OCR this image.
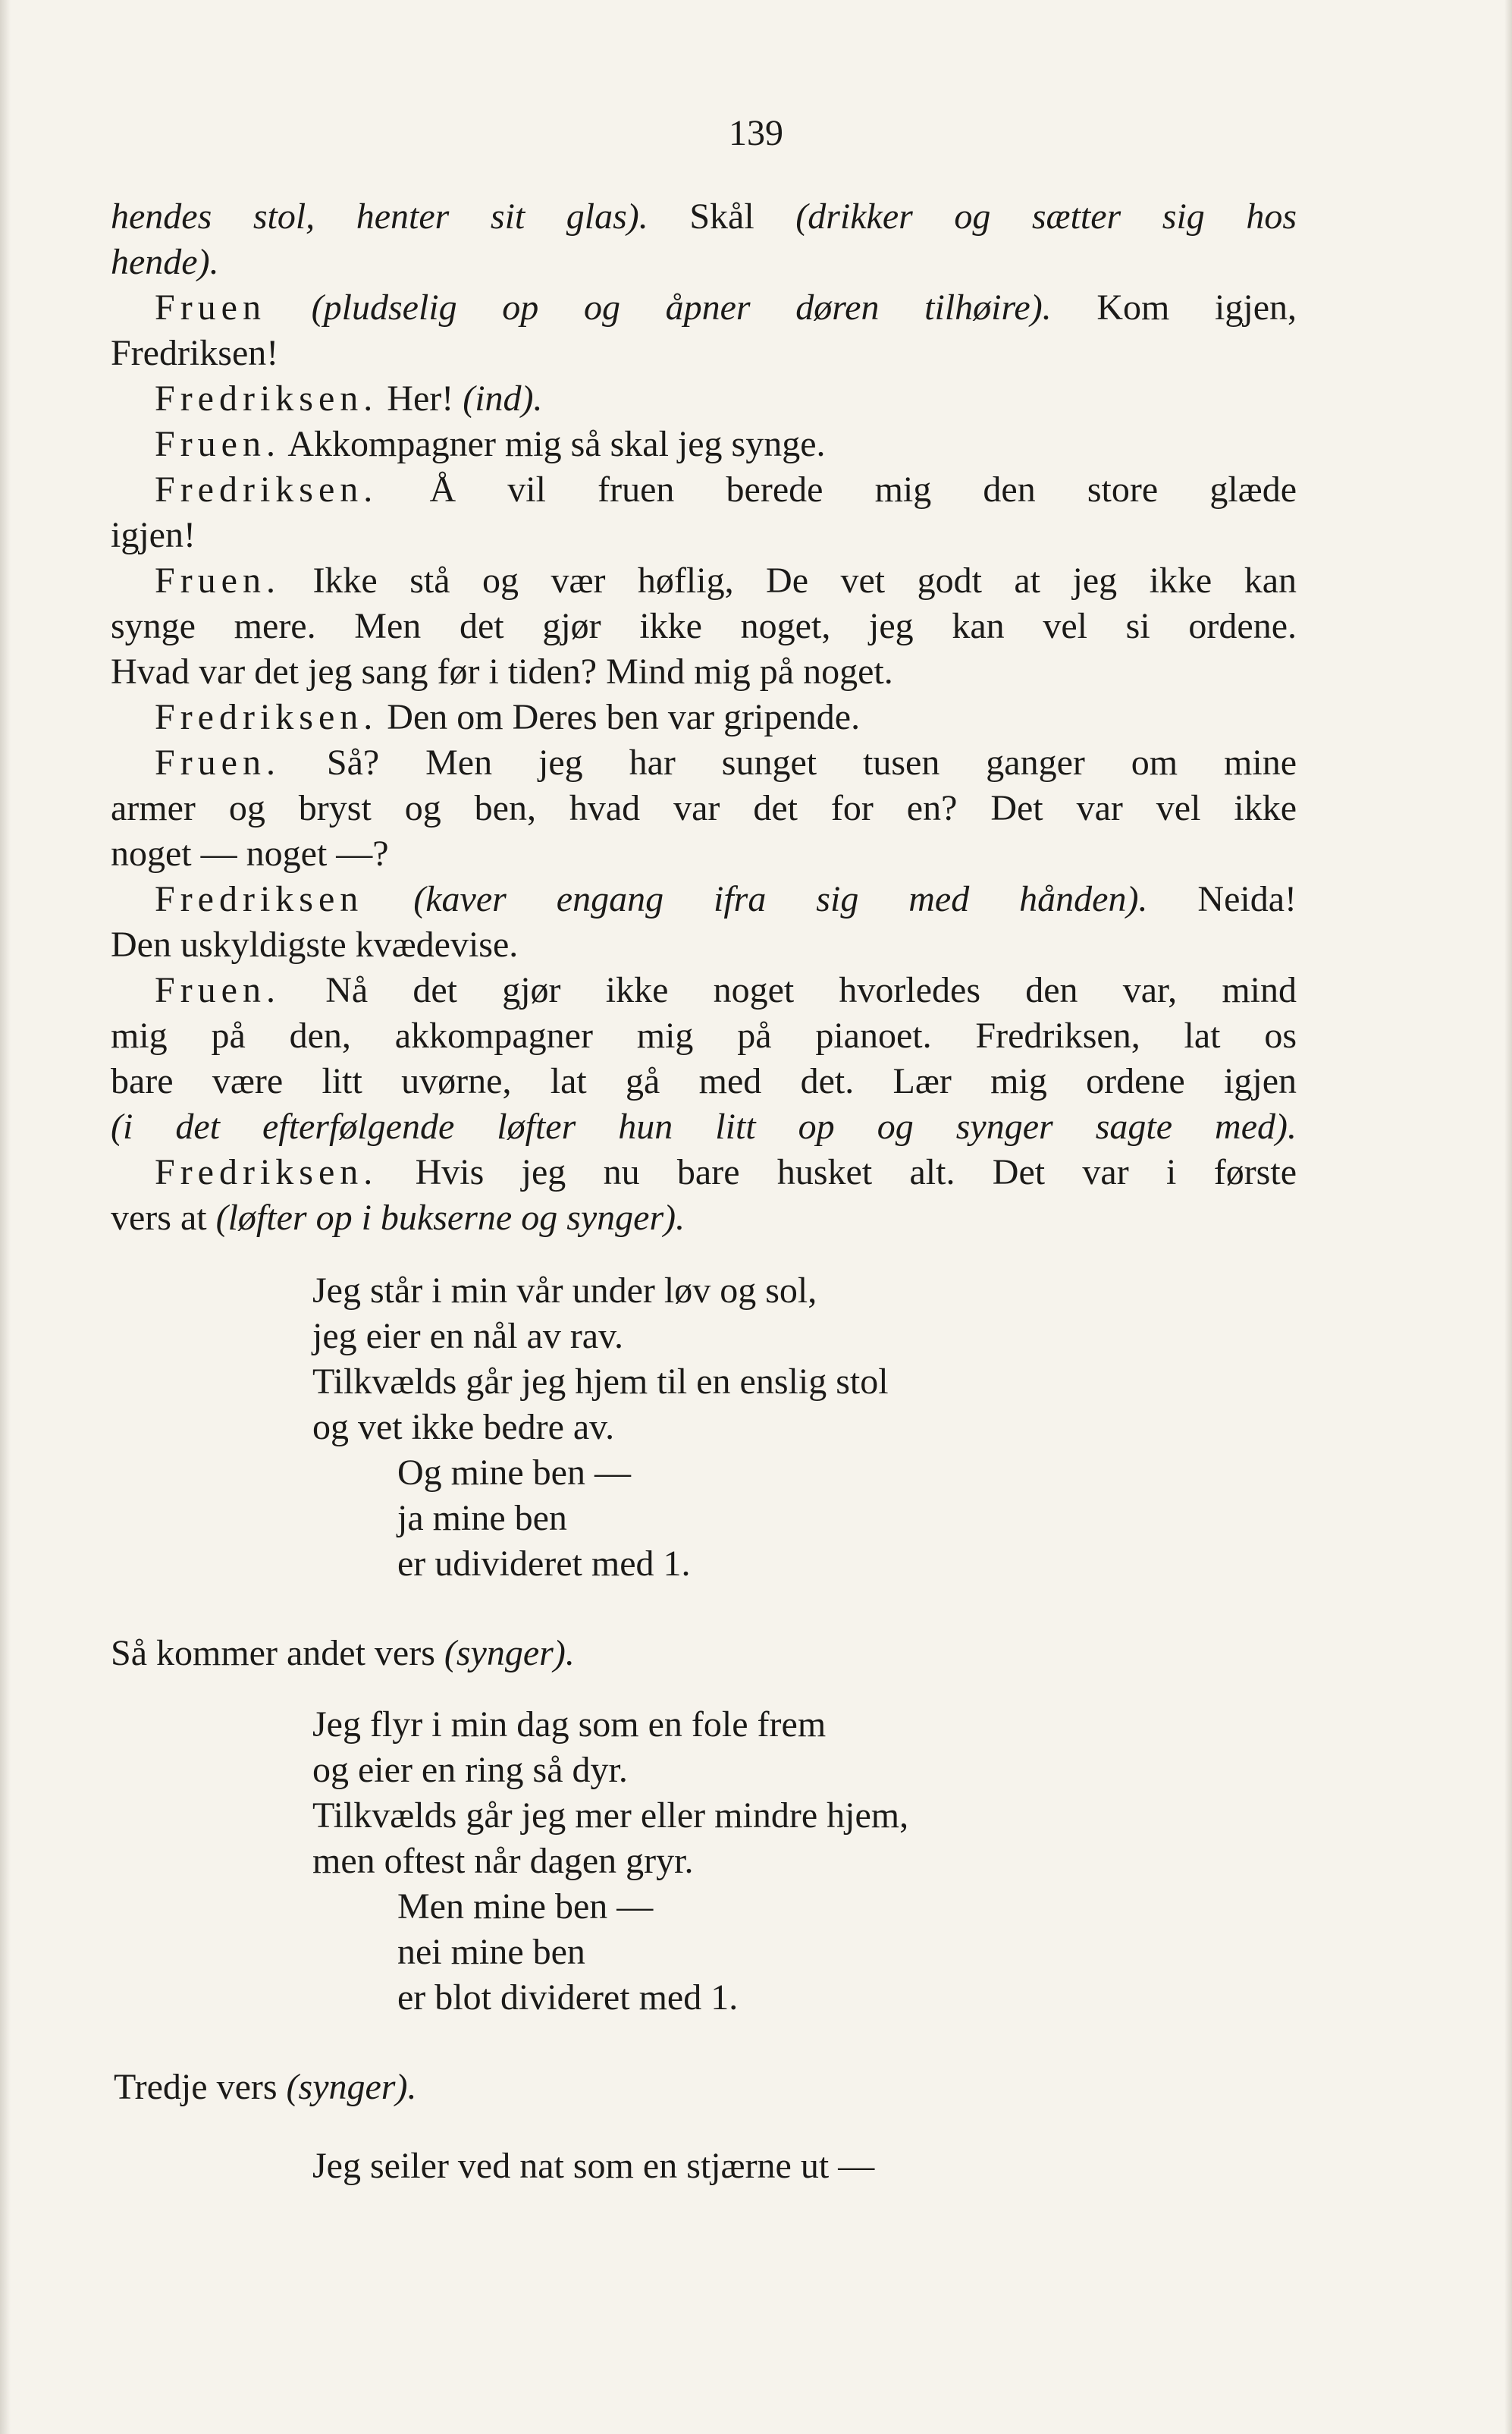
139
hendes stol, henter sit glas). Skål (drikker og sætter sig hos
hende).
Fruen (pludselig op og åpner døren tilhøire). Kom igjen,
Fredriksen!
Fredriksen. Her! (ind).
Fruen. Akkompagner mig så skal jeg synge.
Fredriksen. Å vil fruen berede mig den store glæde
igjen!
Fruen. Ikke stå og vær høflig, De vet godt at jeg ikke kan
synge mere. Men det gjør ikke noget, jeg kan vel si ordene.
Hvad var det jeg sang før i tiden? Mind mig på noget.
Fredriksen. Den om Deres ben var gripende.
Fruen. Så? Men jeg har sunget tusen ganger om mine
armer og bryst og ben, hvad var det for en? Det var vel ikke
noget — noget —?
Fredriksen (kaver engang ifra sig med hånden). Neida!
Den uskyldigste kvædevise.
Fruen. Nå det gjør ikke noget hvorledes den var, mind
mig på den, akkompagner mig på pianoet. Fredriksen, lat os
bare være litt uvørne, lat gå med det. Lær mig ordene igjen
(i det efterfølgende løfter hun litt op og synger sagte med).
Fredriksen. Hvis jeg nu bare husket alt. Det var i første
vers at (løfter op i bukserne og synger).
Jeg står i min vår under løv og sol,
jeg eier en nål av rav.
Tilkvælds går jeg hjem til en enslig stol
og vet ikke bedre av.
Og mine ben —
ja mine ben
er udivideret med 1.
Så kommer andet vers (synger).
Jeg flyr i min dag som en fole frem
og eier en ring så dyr.
Tilkvælds går jeg mer eller mindre hjem,
men oftest når dagen gryr.
Men mine ben —
nei mine ben
er blot divideret med 1.
Tredje vers (synger).
Jeg seiler ved nat som en stjærne ut —
